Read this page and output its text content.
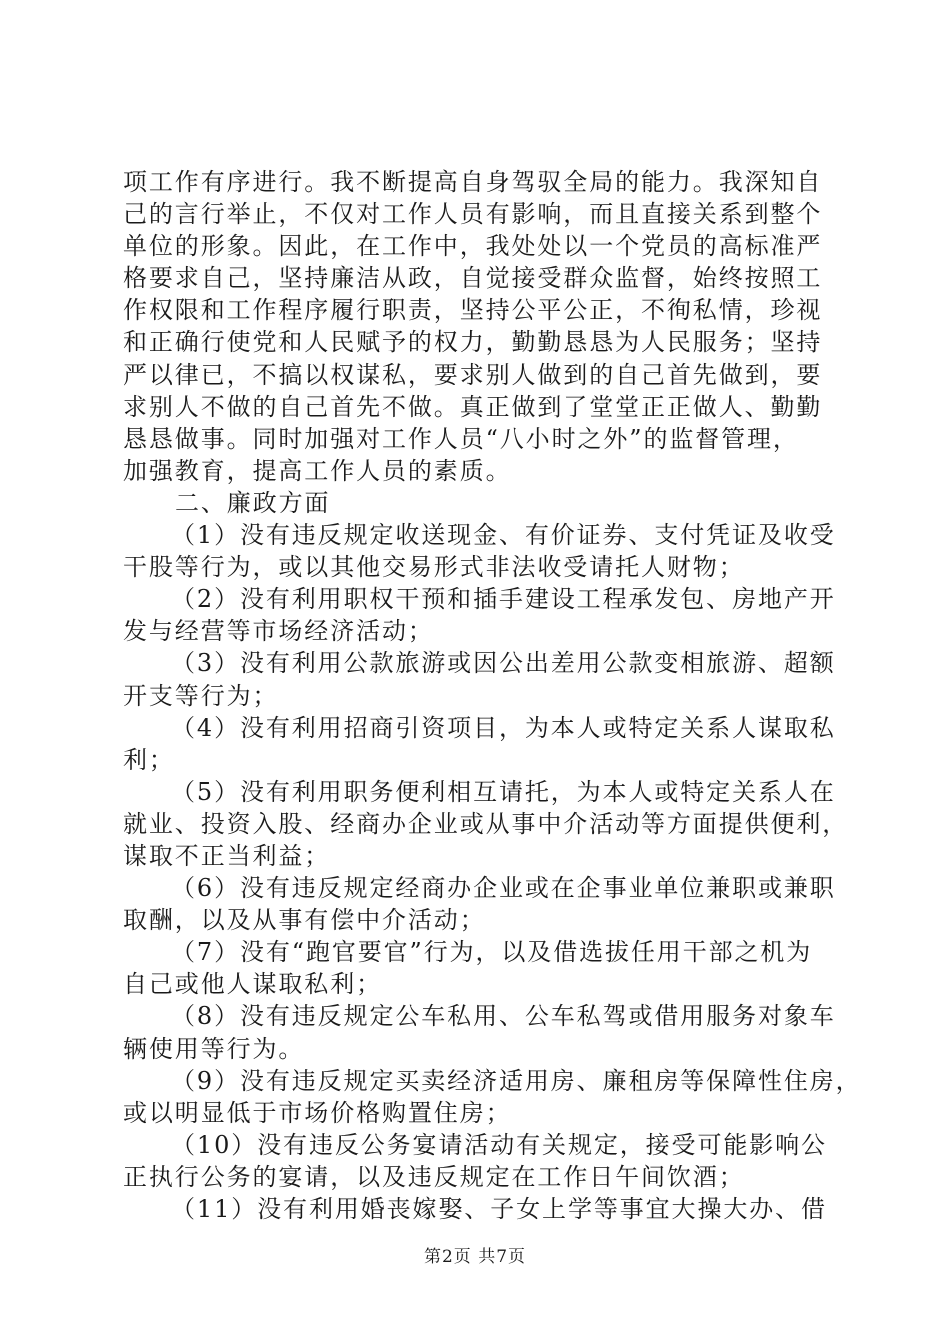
项工作有序进行。我不断提高自身驾驭全局的能力。我深知自
己的言行举止，不仅对工作人员有影响，而且直接关系到整个
单位的形象。因此，在工作中，我处处以一个党员的高标准严
格要求自己，坚持廉洁从政，自觉接受群众监督，始终按照工
作权限和工作程序履行职责，坚持公平公正，不徇私情，珍视
和正确行使党和人民赋予的权力，勤勤恳恳为人民服务；坚持
严以律已，不搞以权谋私，要求别人做到的自己首先做到，要
求别人不做的自己首先不做。真正做到了堂堂正正做人、勤勤
恳恳做事。同时加强对工作人员“八小时之外”的监督管理，
加强教育，提高工作人员的素质。
二、廉政方面
（1）没有违反规定收送现金、有价证券、支付凭证及收受
干股等行为，或以其他交易形式非法收受请托人财物；
（2）没有利用职权干预和插手建设工程承发包、房地产开
发与经营等市场经济活动；
（3）没有利用公款旅游或因公出差用公款变相旅游、超额
开支等行为；
（4）没有利用招商引资项目，为本人或特定关系人谋取私
利；
（5）没有利用职务便利相互请托，为本人或特定关系人在
就业、投资入股、经商办企业或从事中介活动等方面提供便利，
谋取不正当利益；
（6）没有违反规定经商办企业或在企事业单位兼职或兼职
取酬，以及从事有偿中介活动；
（7）没有“跑官要官”行为，以及借选拔任用干部之机为
自己或他人谋取私利；
（8）没有违反规定公车私用、公车私驾或借用服务对象车
辆使用等行为。
（9）没有违反规定买卖经济适用房、廉租房等保障性住房，
或以明显低于市场价格购置住房；
（10）没有违反公务宴请活动有关规定，接受可能影响公
正执行公务的宴请，以及违反规定在工作日午间饮酒；
（11）没有利用婚丧嫁娶、子女上学等事宜大操大办、借
第2页 共7页
